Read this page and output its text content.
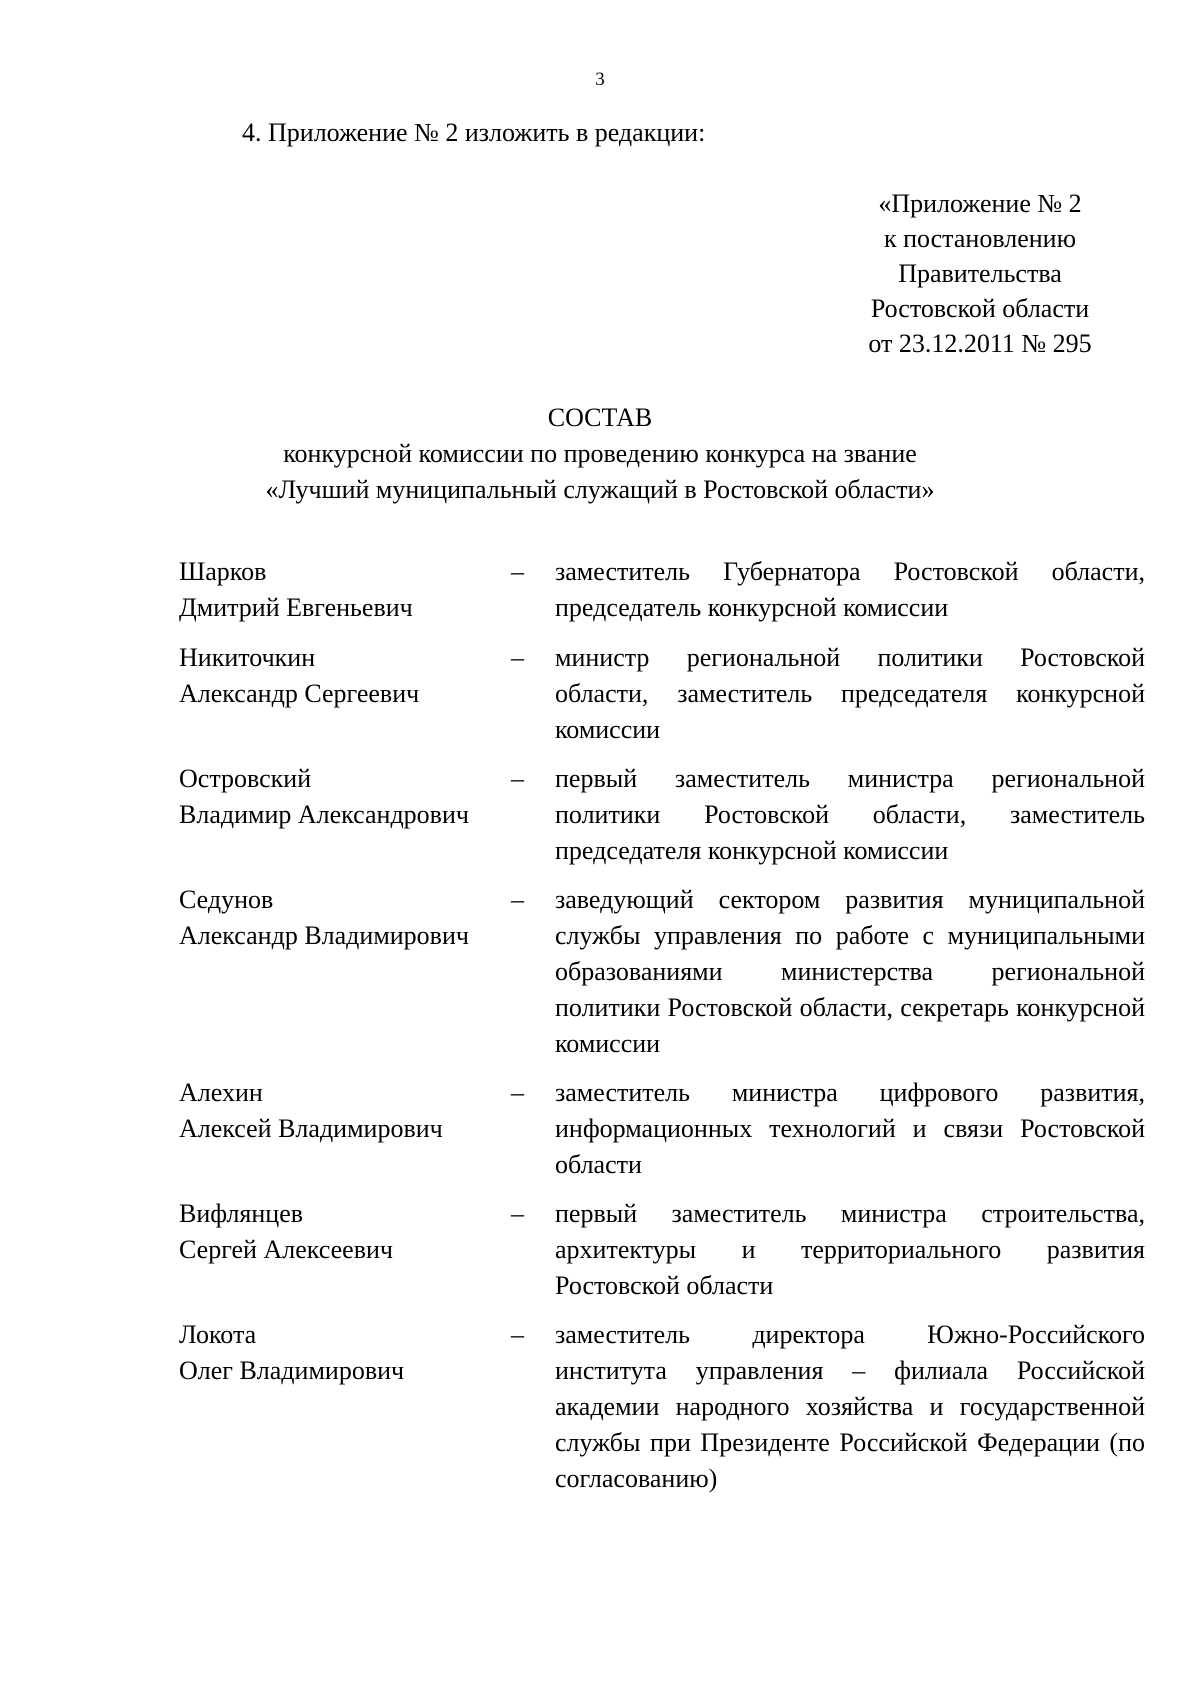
3
4. Приложение № 2 изложить в редакции:
«Приложение № 2
к постановлению
Правительства
Ростовской области
от 23.12.2011 № 295
СОСТАВ
конкурсной комиссии по проведению конкурса на звание
«Лучший муниципальный служащий в Ростовской области»
Шарков
Дмитрий Евгеньевич
–	заместитель Губернатора Ростовской области, председатель конкурсной комиссии
Никиточкин
Александр Сергеевич
–	министр региональной политики Ростовской области, заместитель председателя конкурсной комиссии
Островский
Владимир Александрович
–	первый заместитель министра региональной политики Ростовской области, заместитель председателя конкурсной комиссии
Седунов
Александр Владимирович
–	заведующий сектором развития муниципальной службы управления по работе с муниципальными образованиями министерства региональной политики Ростовской области, секретарь конкурсной комиссии
Алехин
Алексей Владимирович
–	заместитель министра цифрового развития, информационных технологий и связи Ростовской области
Вифлянцев
Сергей Алексеевич
–	первый заместитель министра строительства, архитектуры и территориального развития Ростовской области
Локота
Олег Владимирович
–	заместитель директора Южно-Российского института управления – филиала Российской академии народного хозяйства и государственной службы при Президенте Российской Федерации (по согласованию)
